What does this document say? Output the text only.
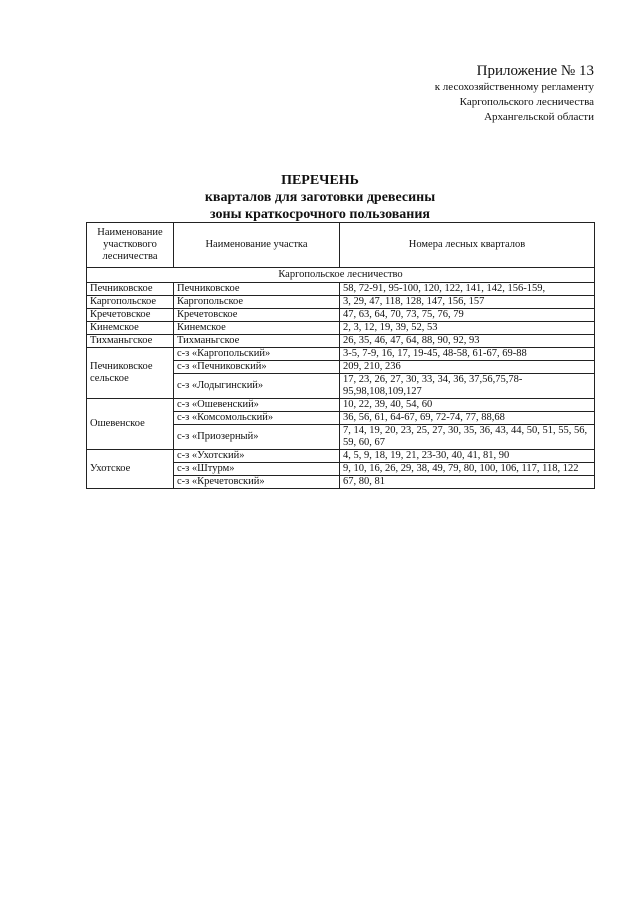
Приложение № 13
к лесохозяйственному регламенту
Каргопольского лесничества
Архангельской области
ПЕРЕЧЕНЬ
кварталов для заготовки древесины
зоны краткосрочного пользования
Наименование участкового лесничества	Наименование участка	Номера лесных кварталов
Каргопольское лесничество		
Печниковское	Печниковское	58, 72-91, 95-100, 120, 122, 141, 142, 156-159,
Каргопольское	Каргопольское	3, 29, 47, 118, 128, 147, 156, 157
Кречетовское	Кречетовское	47, 63, 64, 70, 73, 75, 76, 79
Кинемское	Кинемское	2, 3, 12, 19, 39, 52, 53
Тихманьгское	Тихманьгское	26, 35, 46, 47, 64, 88, 90, 92, 93
Печниковское сельское	с-з «Каргопольский»	3-5, 7-9, 16, 17, 19-45, 48-58, 61-67, 69-88
	с-з «Печниковский»	209, 210, 236
	с-з «Лодыгинский»	17, 23, 26, 27, 30, 33, 34, 36, 37,56,75,78-95,98,108,109,127
Ошевенское	с-з «Ошевенский»	10, 22, 39, 40, 54, 60
	с-з «Комсомольский»	36, 56, 61, 64-67, 69, 72-74, 77, 88,68
	с-з «Приозерный»	7, 14, 19, 20, 23, 25, 27, 30, 35, 36, 43, 44, 50, 51, 55, 56, 59, 60, 67
Ухотское	с-з «Ухотский»	4, 5, 9, 18, 19, 21, 23-30, 40, 41, 81, 90
	с-з «Штурм»	9, 10, 16, 26, 29, 38, 49, 79, 80, 100, 106, 117, 118, 122
	с-з «Кречетовский»	67, 80, 81
